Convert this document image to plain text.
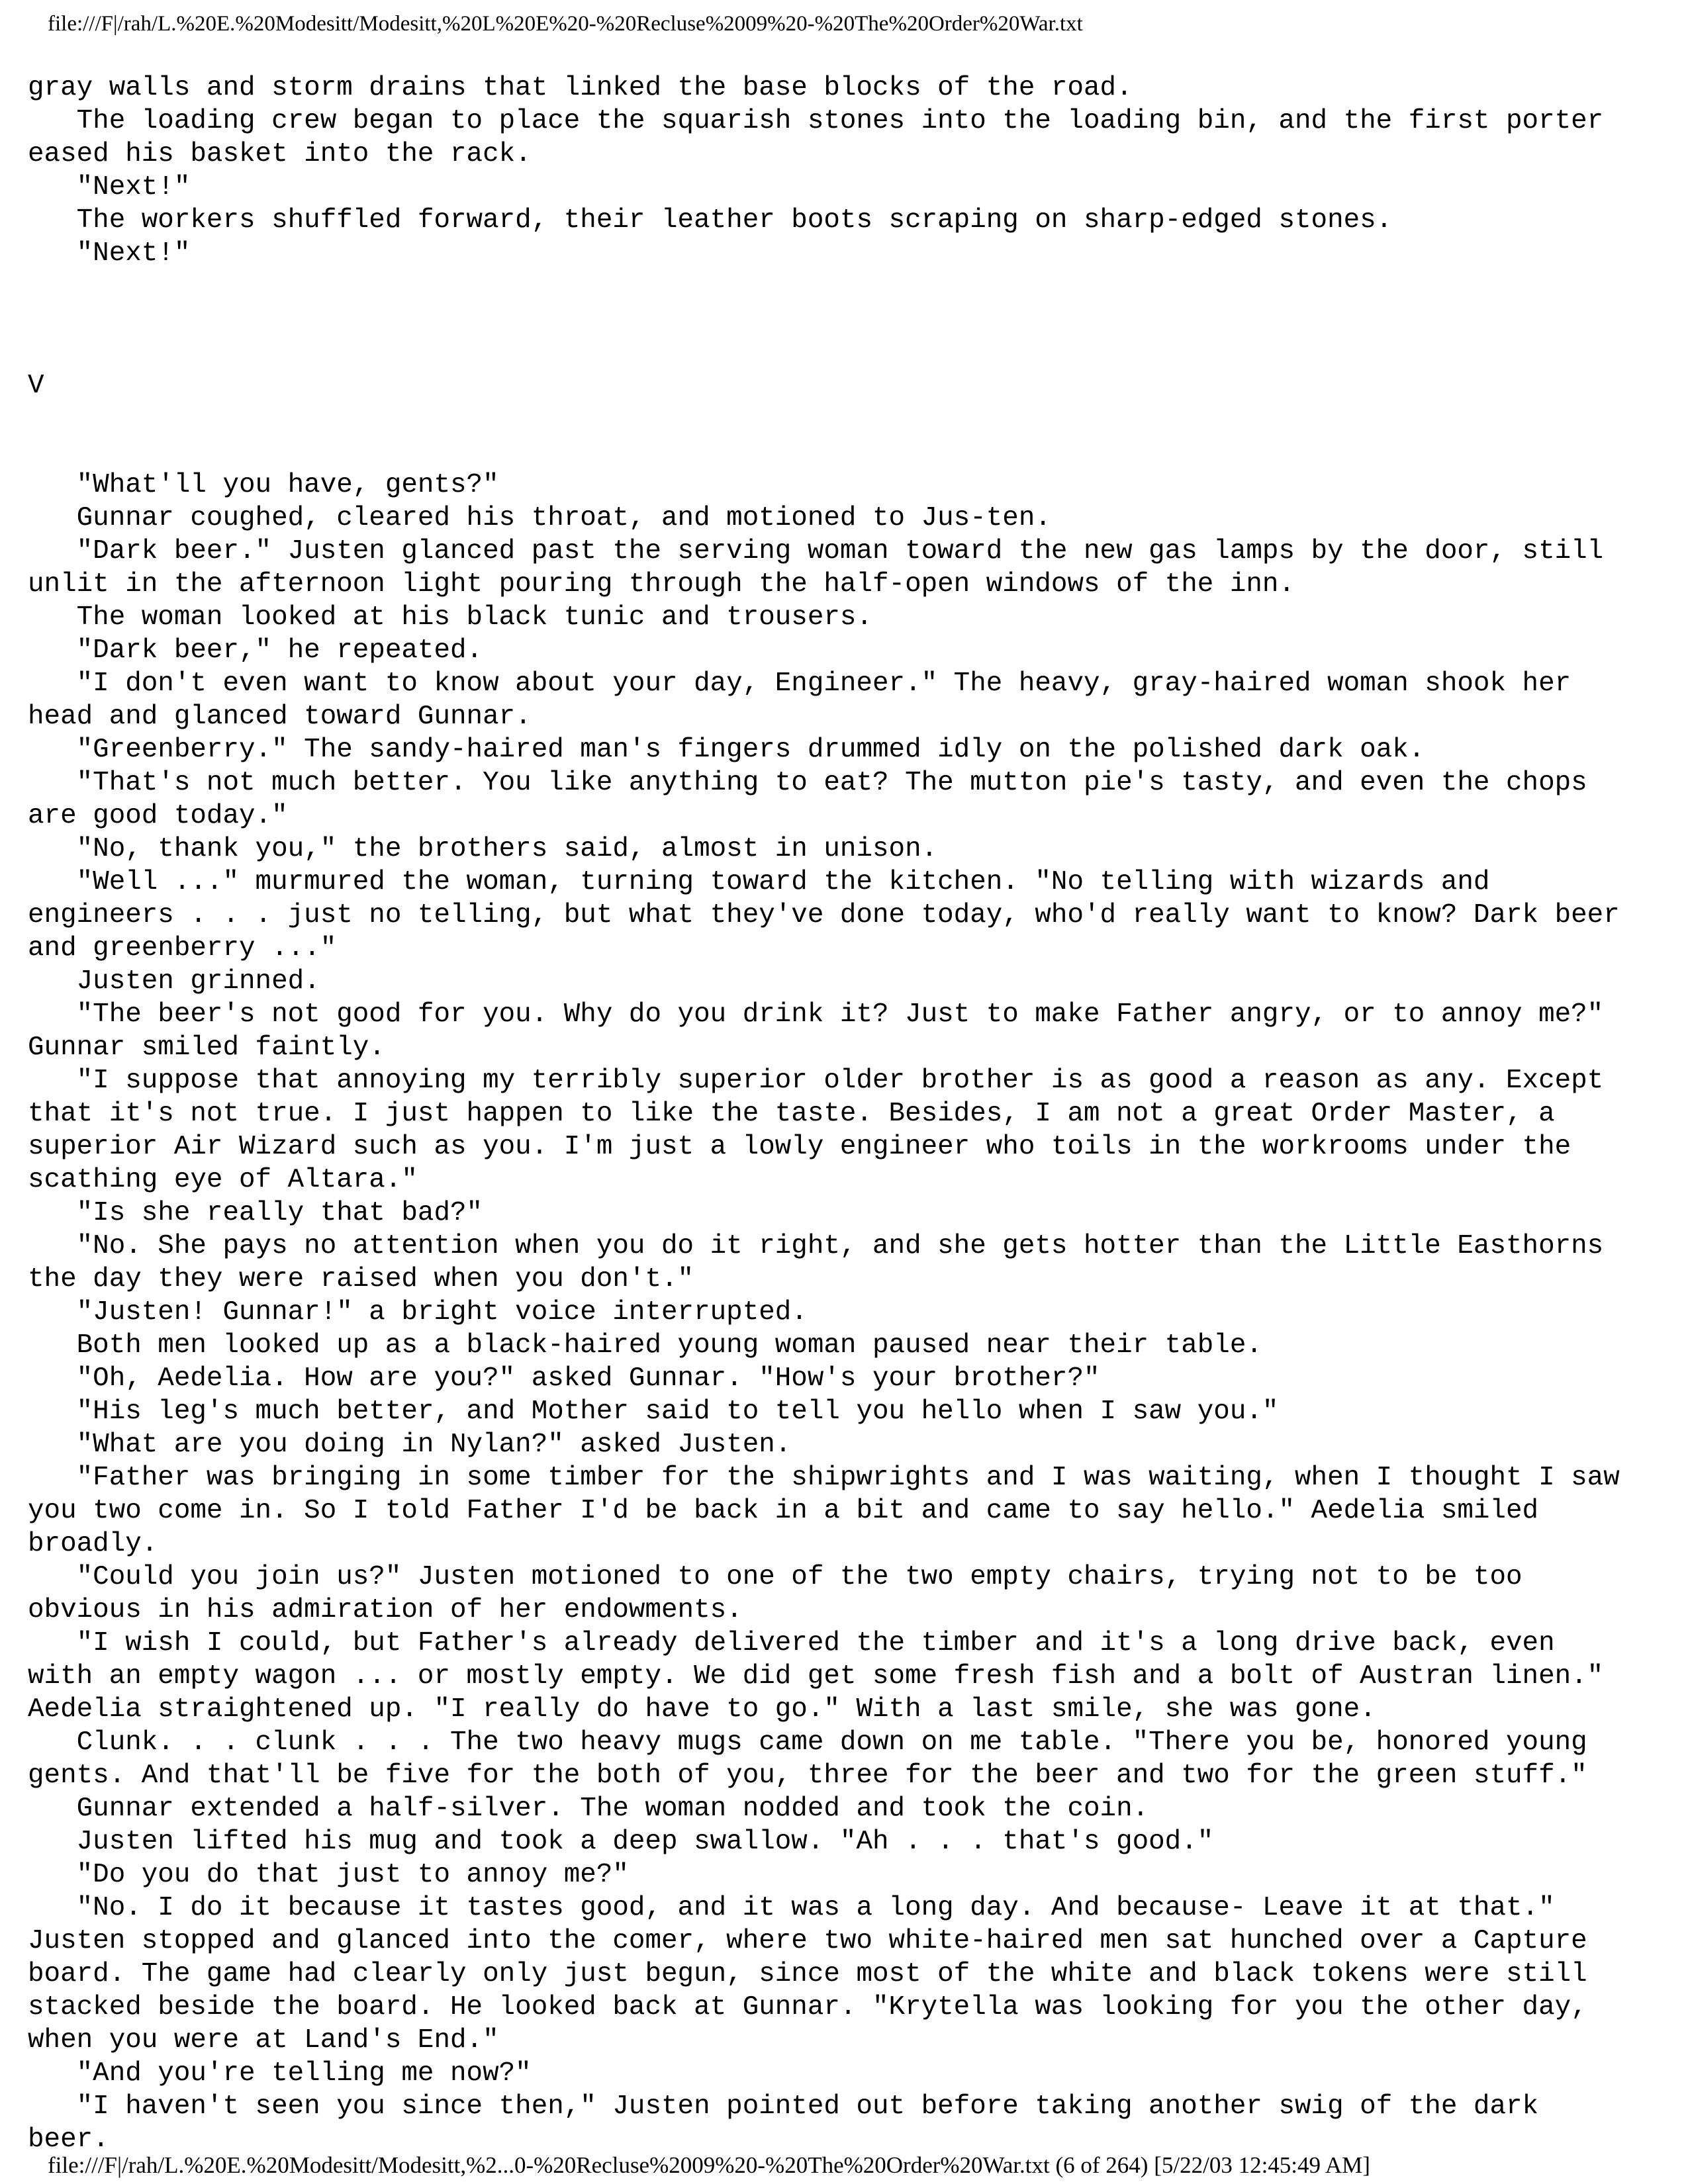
file:///F|/rah/L.%20E.%20Modesitt/Modesitt,%20L%20E%20-%20Recluse%2009%20-%20The%20Order%20War.txt
gray walls and storm drains that linked the base blocks of the road.
The loading crew began to place the squarish stones into the loading bin, and the first porter
eased his basket into the rack.
"Next!"
The workers shuffled forward, their leather boots scraping on sharp-edged stones.
"Next!"
V
"What'll you have, gents?"
Gunnar coughed, cleared his throat, and motioned to Jus-ten.
"Dark beer." Justen glanced past the serving woman toward the new gas lamps by the door, still
unlit in the afternoon light pouring through the half-open windows of the inn.
The woman looked at his black tunic and trousers.
"Dark beer," he repeated.
"I don't even want to know about your day, Engineer." The heavy, gray-haired woman shook her
head and glanced toward Gunnar.
"Greenberry." The sandy-haired man's fingers drummed idly on the polished dark oak.
"That's not much better. You like anything to eat? The mutton pie's tasty, and even the chops
are good today."
"No, thank you," the brothers said, almost in unison.
"Well ..." murmured the woman, turning toward the kitchen. "No telling with wizards and
engineers . . . just no telling, but what they've done today, who'd really want to know? Dark beer
and greenberry ..."
Justen grinned.
"The beer's not good for you. Why do you drink it? Just to make Father angry, or to annoy me?"
Gunnar smiled faintly.
"I suppose that annoying my terribly superior older brother is as good a reason as any. Except
that it's not true. I just happen to like the taste. Besides, I am not a great Order Master, a
superior Air Wizard such as you. I'm just a lowly engineer who toils in the workrooms under the
scathing eye of Altara."
"Is she really that bad?"
"No. She pays no attention when you do it right, and she gets hotter than the Little Easthorns
the day they were raised when you don't."
"Justen! Gunnar!" a bright voice interrupted.
Both men looked up as a black-haired young woman paused near their table.
"Oh, Aedelia. How are you?" asked Gunnar. "How's your brother?"
"His leg's much better, and Mother said to tell you hello when I saw you."
"What are you doing in Nylan?" asked Justen.
"Father was bringing in some timber for the shipwrights and I was waiting, when I thought I saw
you two come in. So I told Father I'd be back in a bit and came to say hello." Aedelia smiled
broadly.
"Could you join us?" Justen motioned to one of the two empty chairs, trying not to be too
obvious in his admiration of her endowments.
"I wish I could, but Father's already delivered the timber and it's a long drive back, even
with an empty wagon ... or mostly empty. We did get some fresh fish and a bolt of Austran linen."
Aedelia straightened up. "I really do have to go." With a last smile, she was gone.
Clunk. . . clunk . . . The two heavy mugs came down on me table. "There you be, honored young
gents. And that'll be five for the both of you, three for the beer and two for the green stuff."
Gunnar extended a half-silver. The woman nodded and took the coin.
Justen lifted his mug and took a deep swallow. "Ah . . . that's good."
"Do you do that just to annoy me?"
"No. I do it because it tastes good, and it was a long day. And because- Leave it at that."
Justen stopped and glanced into the comer, where two white-haired men sat hunched over a Capture
board. The game had clearly only just begun, since most of the white and black tokens were still
stacked beside the board. He looked back at Gunnar. "Krytella was looking for you the other day,
when you were at Land's End."
"And you're telling me now?"
"I haven't seen you since then," Justen pointed out before taking another swig of the dark
beer.
file:///F|/rah/L.%20E.%20Modesitt/Modesitt,%2...0-%20Recluse%2009%20-%20The%20Order%20War.txt (6 of 264) [5/22/03 12:45:49 AM]
